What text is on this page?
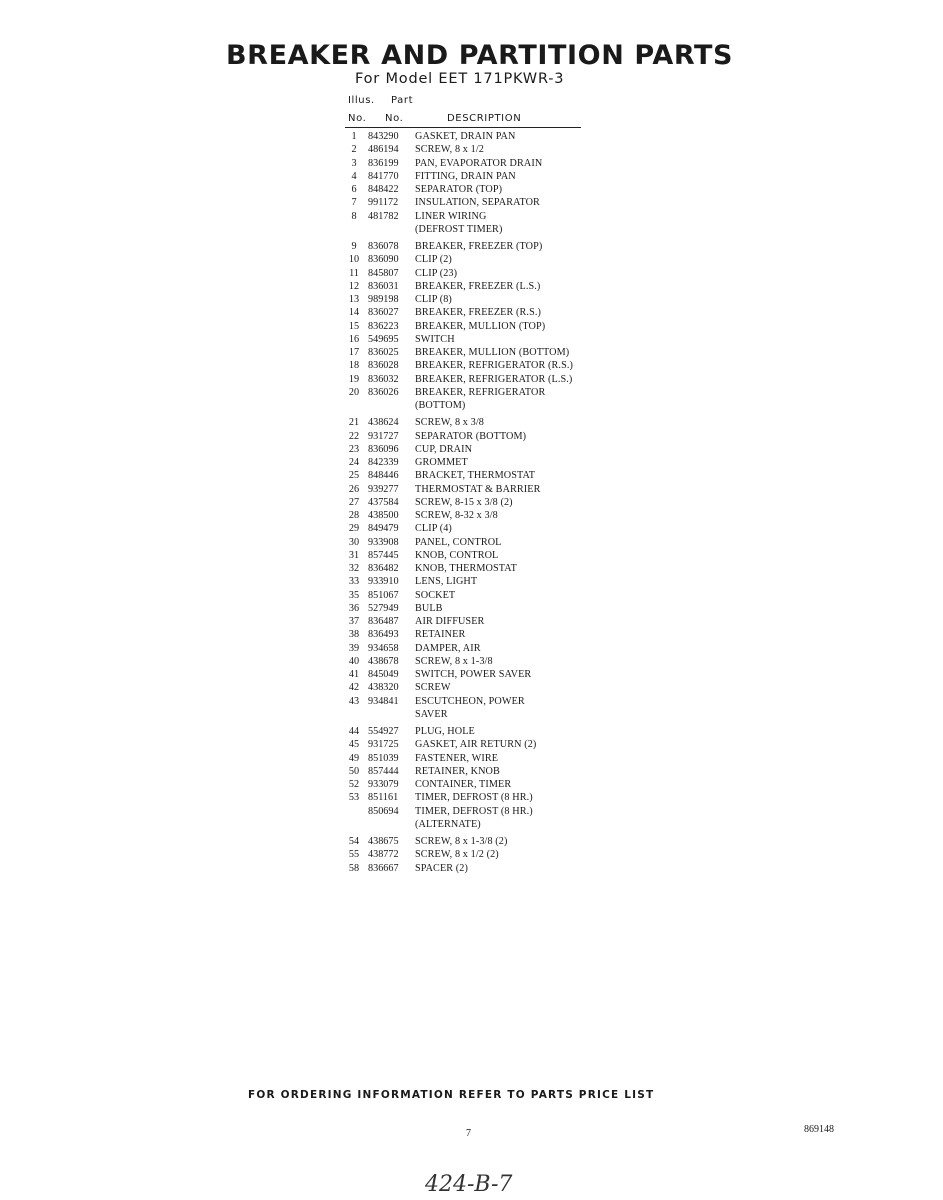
BREAKER AND PARTITION PARTS
For Model EET 171PKWR-3
Illus. Part
No. No.	DESCRIPTION
1	843290	GASKET, DRAIN PAN
2	486194	SCREW, 8 x 1/2
3	836199	PAN, EVAPORATOR DRAIN
4	841770	FITTING, DRAIN PAN
6	848422	SEPARATOR (TOP)
7	991172	INSULATION, SEPARATOR
8	481782	LINER WIRING
(DEFROST TIMER)
9	836078	BREAKER, FREEZER (TOP)
10 836090	CLIP (2)
11 845807	CLIP (23)
12 836031	BREAKER, FREEZER (L.S.)
13 989198	CLIP (8)
14 836027	BREAKER, FREEZER (R.S.)
15 836223	BREAKER, MULLION (TOP)
16 549695	SWITCH
17 836025	BREAKER, MULLION (BOTTOM)
18 836028	BREAKER, REFRIGERATOR (R.S.)
19 836032	BREAKER, REFRIGERATOR (L.S.)
20 836026	BREAKER, REFRIGERATOR
(BOTTOM)
21 438624	SCREW, 8 x 3/8
22 931727	SEPARATOR (BOTTOM)
23 836096	CUP, DRAIN
24 842339	GROMMET
25 848446	BRACKET, THERMOSTAT
26 939277	THERMOSTAT & BARRIER
27 437584	SCREW, 8-15 x 3/8 (2)
28 438500	SCREW, 8-32 x 3/8
29 849479	CLIP (4)
30 933908	PANEL, CONTROL
31 857445	KNOB, CONTROL
32 836482	KNOB, THERMOSTAT
33 933910	LENS, LIGHT
35 851067	SOCKET
36 527949	BULB
37 836487	AIR DIFFUSER
38 836493	RETAINER
39 934658	DAMPER, AIR
40 438678	SCREW, 8 x 1-3/8
41 845049	SWITCH, POWER SAVER
42 438320	SCREW
43 934841	ESCUTCHEON, POWER
SAVER
44 554927	PLUG, HOLE
45 931725	GASKET, AIR RETURN (2)
49 851039	FASTENER, WIRE
50 857444	RETAINER, KNOB
52 933079	CONTAINER, TIMER
53 851161	TIMER, DEFROST (8 HR.)
850694	TIMER, DEFROST (8 HR.)
(ALTERNATE)
54 438675	SCREW, 8 x 1-3/8 (2)
55 438772	SCREW, 8 x 1/2 (2)
58 836667	SPACER (2)
FOR ORDERING INFORMATION REFER TO PARTS PRICE LIST
7	869148
424-B-7
